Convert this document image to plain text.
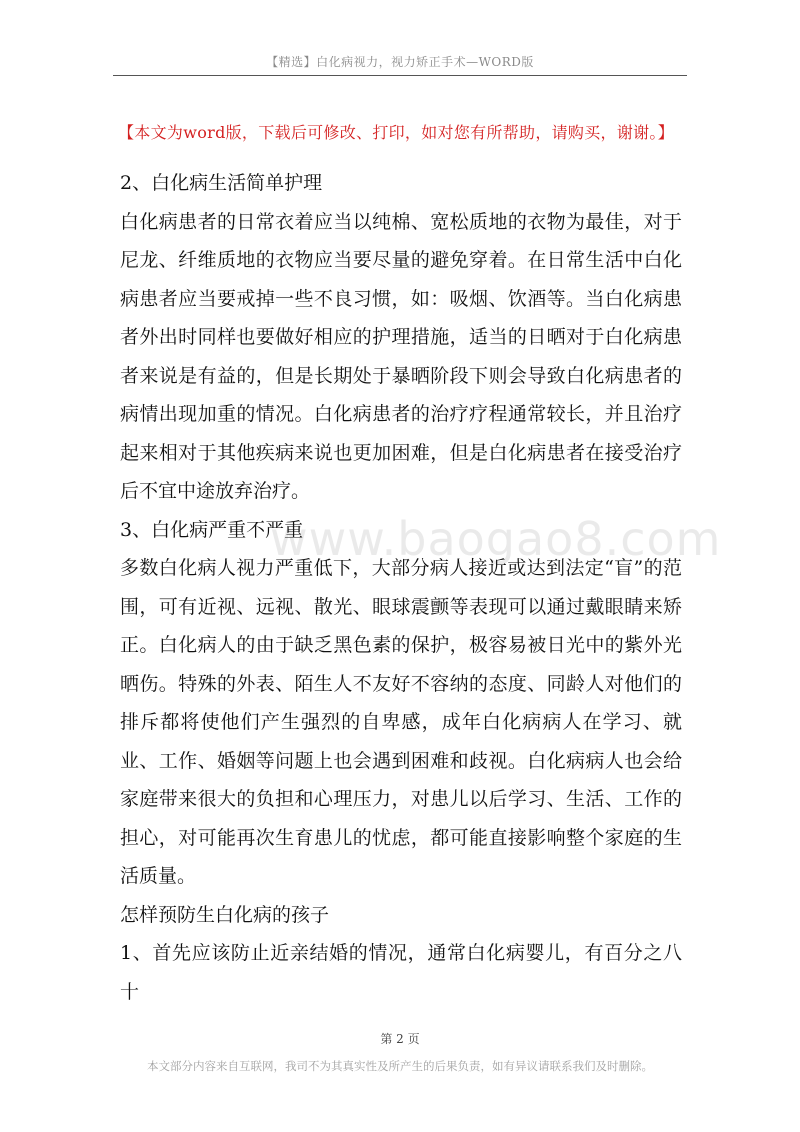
【精选】白化病视力，视力矫正手术—WORD版
【本文为word版，下载后可修改、打印，如对您有所帮助，请购买，谢谢。】
www.baogao8.com

2、白化病生活简单护理

白化病患者的日常衣着应当以纯棉、宽松质地的衣物为最佳，对于尼龙、纤维质地的衣物应当要尽量的避免穿着。在日常生活中白化病患者应当要戒掉一些不良习惯，如：吸烟、饮酒等。当白化病患者外出时同样也要做好相应的护理措施，适当的日晒对于白化病患者来说是有益的，但是长期处于暴晒阶段下则会导致白化病患者的病情出现加重的情况。白化病患者的治疗疗程通常较长，并且治疗起来相对于其他疾病来说也更加困难，但是白化病患者在接受治疗后不宜中途放弃治疗。

3、白化病严重不严重

多数白化病人视力严重低下，大部分病人接近或达到法定“盲”的范围，可有近视、远视、散光、眼球震颤等表现可以通过戴眼睛来矫正。白化病人的由于缺乏黑色素的保护，极容易被日光中的紫外光晒伤。特殊的外表、陌生人不友好不容纳的态度、同龄人对他们的排斥都将使他们产生强烈的自卑感，成年白化病病人在学习、就业、工作、婚姻等问题上也会遇到困难和歧视。白化病病人也会给家庭带来很大的负担和心理压力，对患儿以后学习、生活、工作的担心，对可能再次生育患儿的忧虑，都可能直接影响整个家庭的生活质量。

怎样预防生白化病的孩子

1、首先应该防止近亲结婚的情况，通常白化病婴儿，有百分之八十

第 2 页
本文部分内容来自互联网，我司不为其真实性及所产生的后果负责，如有异议请联系我们及时删除。
